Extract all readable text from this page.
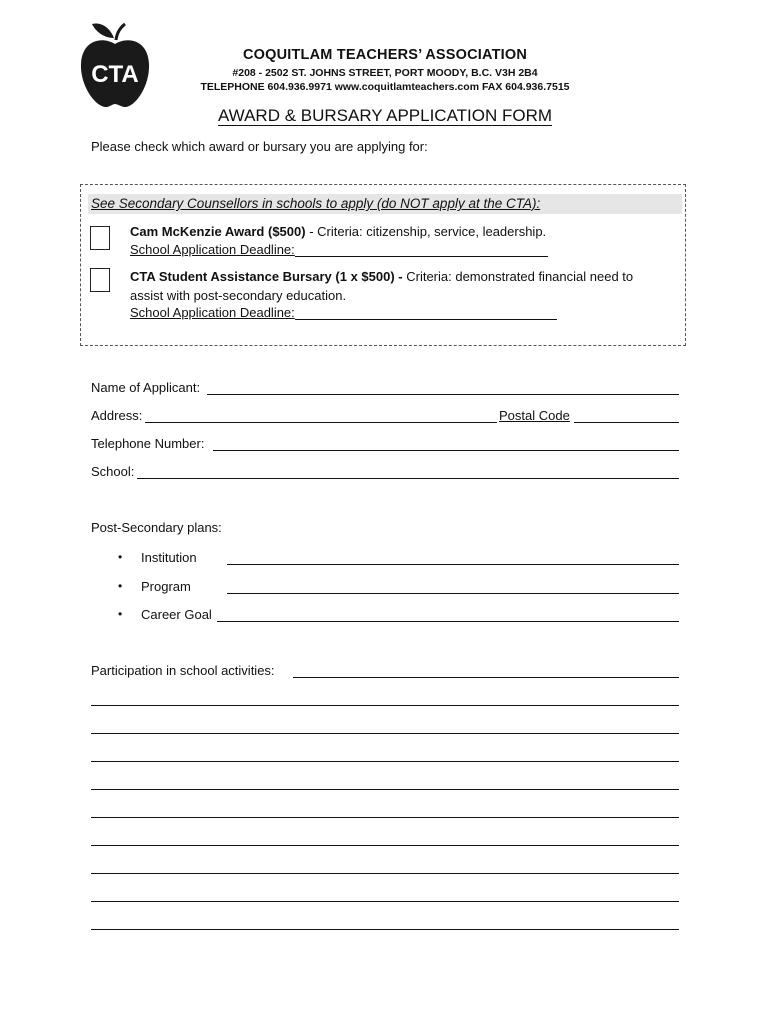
CTA
COQUITLAM TEACHERS’ ASSOCIATION
#208 - 2502 ST. JOHNS STREET, PORT MOODY, B.C. V3H 2B4
TELEPHONE 604.936.9971 www.coquitlamteachers.com FAX 604.936.7515
AWARD & BURSARY APPLICATION FORM
Please check which award or bursary you are applying for:
See Secondary Counsellors in schools to apply (do NOT apply at the CTA):
Cam McKenzie Award ($500) - Criteria: citizenship, service, leadership.
School Application Deadline:
CTA Student Assistance Bursary (1 x $500) - Criteria: demonstrated financial need to
assist with post-secondary education.
School Application Deadline:
Name of Applicant:
Address:	Postal Code
Telephone Number:
School:
Post-Secondary plans:
• Institution
• Program
• Career Goal
Participation in school activities:
